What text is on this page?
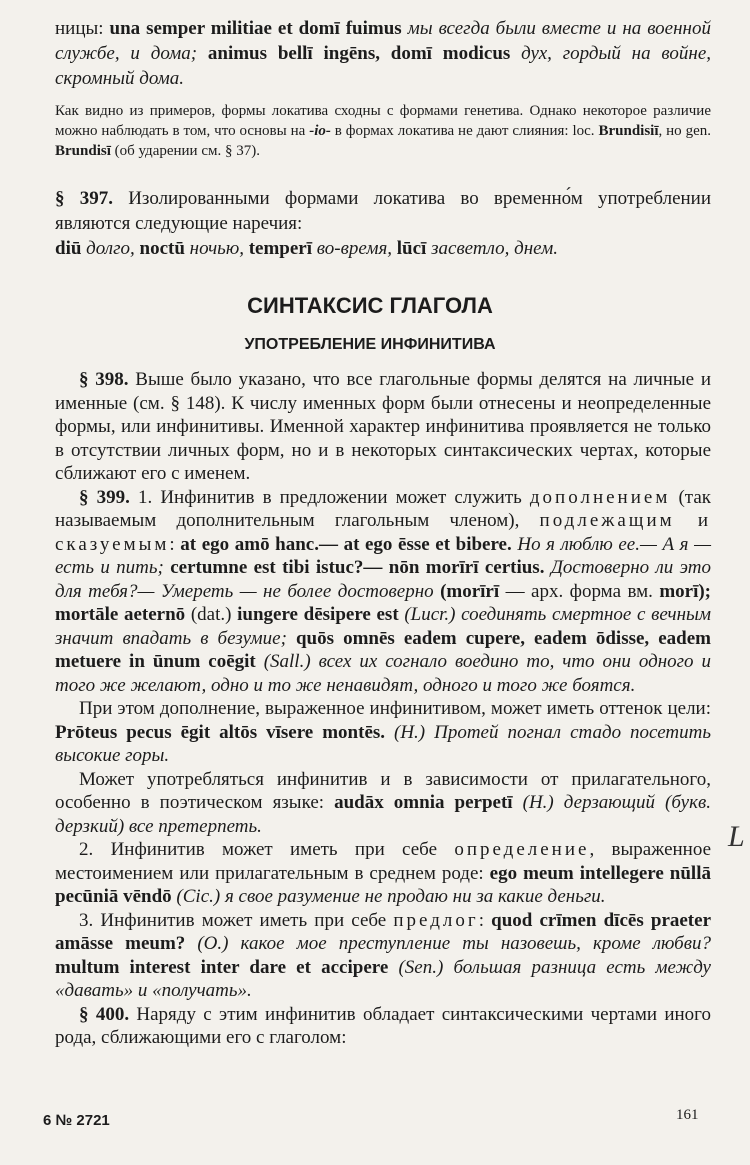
ницы: una semper militiae et domī fuimus мы всегда были вместе и на военной службе, и дома; animus bellī ingēns, domī modicus дух, гордый на войне, скромный дома.

Как видно из примеров, формы локатива сходны с формами генетива. Однако некоторое различие можно наблюдать в том, что основы на -io- в формах локатива не дают слияния: loc. Brundisiī, но gen. Brundisī (об ударении см. § 37).

§ 397. Изолированными формами локатива во временно́м употреблении являются следующие наречия:
diū долго, noctū ночью, temperī во-время, lūcī засветло, днем.

СИНТАКСИС ГЛАГОЛА
УПОТРЕБЛЕНИЕ ИНФИНИТИВА

§ 398. Выше было указано, что все глагольные формы делятся на личные и именные (см. § 148). К числу именных форм были отнесены и неопределенные формы, или инфинитивы. Именной характер инфинитива проявляется не только в отсутствии личных форм, но и в некоторых синтаксических чертах, которые сближают его с именем.

§ 399. 1. Инфинитив в предложении может служить дополнением (так называемым дополнительным глагольным членом), подлежащим и сказуемым: at ego amō hanc.— at ego ēsse et bibere. Но я люблю ее.— А я — есть и пить; certumne est tibi istuc?— nōn morīrī certius. Достоверно ли это для тебя?— Умереть — не более достоверно (morīrī — арх. форма вм. morī); mortāle aeternō (dat.) iungere dēsipere est (Lucr.) соединять смертное с вечным значит впадать в безумие; quōs omnēs eadem cupere, eadem ōdisse, eadem metuere in ūnum coēgit (Sall.) всех их согнало воедино то, что они одного и того же желают, одно и то же ненавидят, одного и того же боятся.

При этом дополнение, выраженное инфинитивом, может иметь оттенок цели: Prōteus pecus ēgit altōs vīsere montēs. (H.) Протей погнал стадо посетить высокие горы.

Может употребляться инфинитив и в зависимости от прилагательного, особенно в поэтическом языке: audāx omnia perpetī (H.) дерзающий (букв. дерзкий) все претерпеть.

2. Инфинитив может иметь при себе определение, выраженное местоимением или прилагательным в среднем роде: ego meum intellegere nūllā pecūniā vēndō (Cic.) я свое разумение не продаю ни за какие деньги.

3. Инфинитив может иметь при себе предлог: quod crīmen dīcēs praeter amāsse meum? (O.) какое мое преступление ты назовешь, кроме любви? multum interest inter dare et accipere (Sen.) большая разница есть между «давать» и «получать».

§ 400. Наряду с этим инфинитив обладает синтаксическими чертами иного рода, сближающими его с глаголом:

L
6 № 2721	161
